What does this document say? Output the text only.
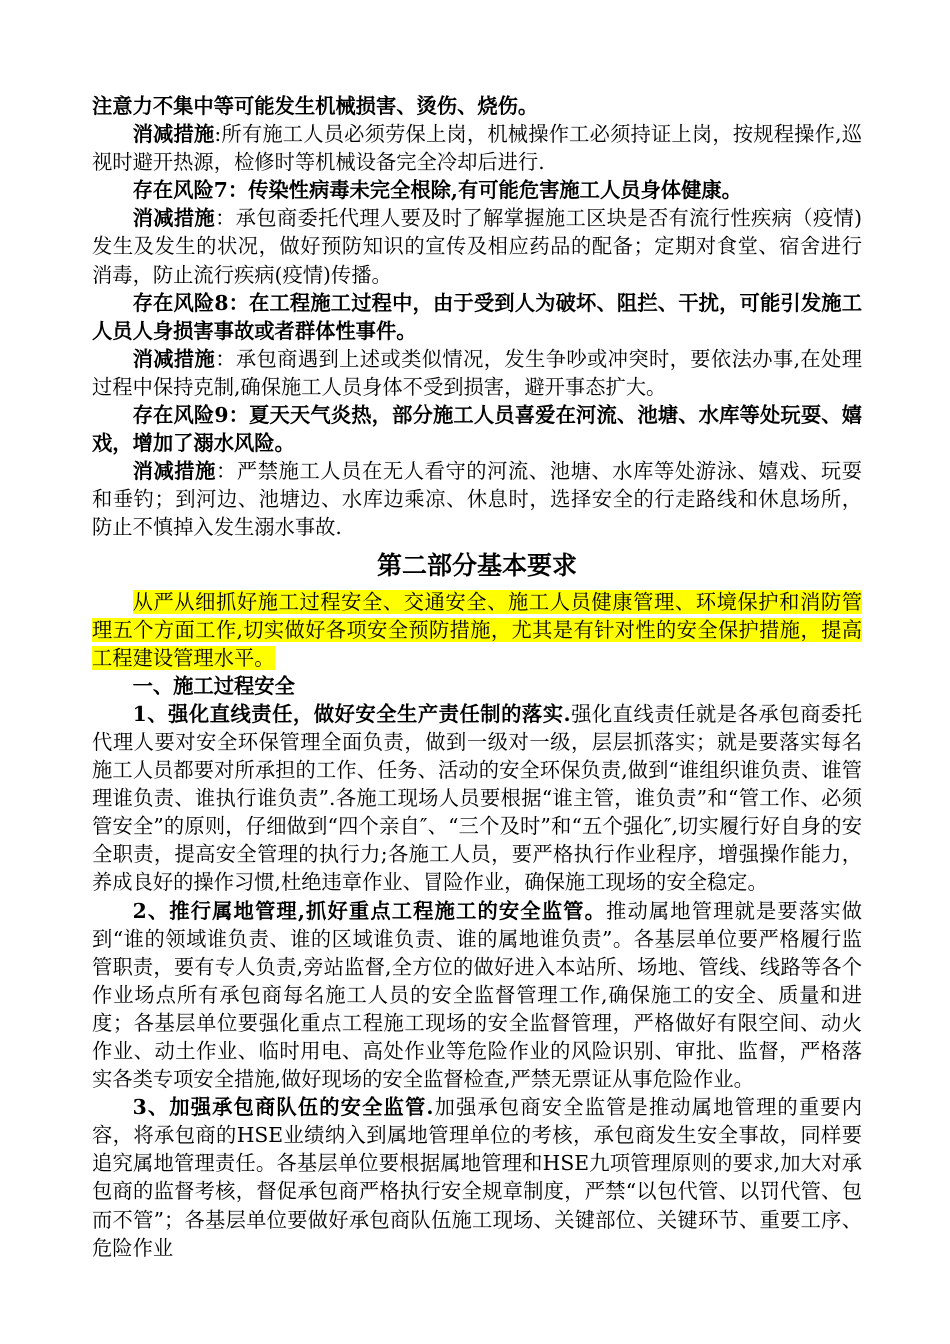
注意力不集中等可能发生机械损害、烫伤、烧伤。

消减措施:所有施工人员必须劳保上岗，机械操作工必须持证上岗，按规程操作,巡视时避开热源，检修时等机械设备完全冷却后进行.

存在风险7：传染性病毒未完全根除,有可能危害施工人员身体健康。

消减措施：承包商委托代理人要及时了解掌握施工区块是否有流行性疾病（疫情)发生及发生的状况，做好预防知识的宣传及相应药品的配备；定期对食堂、宿舍进行消毒，防止流行疾病(疫情)传播。

存在风险8：在工程施工过程中，由于受到人为破坏、阻拦、干扰，可能引发施工人员人身损害事故或者群体性事件。

消减措施：承包商遇到上述或类似情况，发生争吵或冲突时，要依法办事,在处理过程中保持克制,确保施工人员身体不受到损害，避开事态扩大。

存在风险9：夏天天气炎热，部分施工人员喜爱在河流、池塘、水库等处玩耍、嬉戏，增加了溺水风险。

消减措施：严禁施工人员在无人看守的河流、池塘、水库等处游泳、嬉戏、玩耍和垂钓；到河边、池塘边、水库边乘凉、休息时，选择安全的行走路线和休息场所，防止不慎掉入发生溺水事故.

第二部分基本要求

从严从细抓好施工过程安全、交通安全、施工人员健康管理、环境保护和消防管理五个方面工作,切实做好各项安全预防措施，尤其是有针对性的安全保护措施，提高工程建设管理水平。

一、施工过程安全

1、强化直线责任，做好安全生产责任制的落实.强化直线责任就是各承包商委托代理人要对安全环保管理全面负责，做到一级对一级，层层抓落实；就是要落实每名施工人员都要对所承担的工作、任务、活动的安全环保负责,做到“谁组织谁负责、谁管理谁负责、谁执行谁负责”.各施工现场人员要根据“谁主管，谁负责”和“管工作、必须管安全”的原则，仔细做到“四个亲自″、“三个及时”和“五个强化″,切实履行好自身的安全职责，提高安全管理的执行力;各施工人员，要严格执行作业程序，增强操作能力，养成良好的操作习惯,杜绝违章作业、冒险作业，确保施工现场的安全稳定。

2、推行属地管理,抓好重点工程施工的安全监管。推动属地管理就是要落实做到“谁的领域谁负责、谁的区域谁负责、谁的属地谁负责”。各基层单位要严格履行监管职责，要有专人负责,旁站监督,全方位的做好进入本站所、场地、管线、线路等各个作业场点所有承包商每名施工人员的安全监督管理工作,确保施工的安全、质量和进度；各基层单位要强化重点工程施工现场的安全监督管理，严格做好有限空间、动火作业、动土作业、临时用电、高处作业等危险作业的风险识别、审批、监督，严格落实各类专项安全措施,做好现场的安全监督检查,严禁无票证从事危险作业。

3、加强承包商队伍的安全监管.加强承包商安全监管是推动属地管理的重要内容，将承包商的HSE业绩纳入到属地管理单位的考核，承包商发生安全事故，同样要追究属地管理责任。各基层单位要根据属地管理和HSE九项管理原则的要求,加大对承包商的监督考核，督促承包商严格执行安全规章制度，严禁“以包代管、以罚代管、包而不管”；各基层单位要做好承包商队伍施工现场、关键部位、关键环节、重要工序、危险作业
